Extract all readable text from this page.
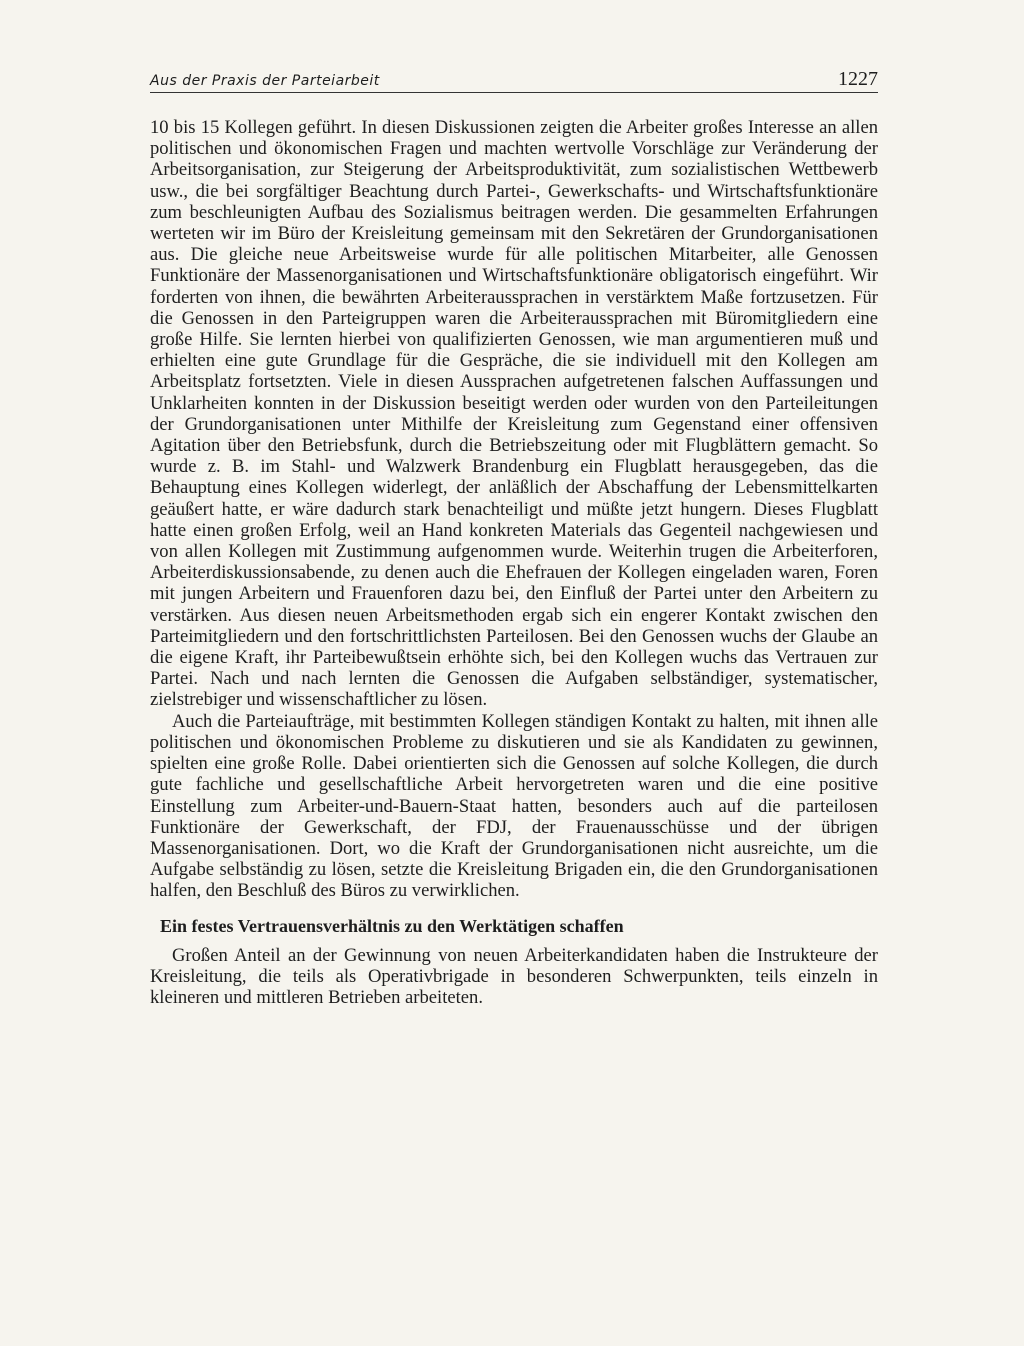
Aus der Praxis der Parteiarbeit	1227

10 bis 15 Kollegen geführt. In diesen Diskussionen zeigten die Arbeiter großes Interesse an allen politischen und ökonomischen Fragen und machten wertvolle Vorschläge zur Veränderung der Arbeitsorganisation, zur Steigerung der Arbeitsproduktivität, zum sozialistischen Wettbewerb usw., die bei sorgfältiger Beachtung durch Partei-, Gewerkschafts- und Wirtschaftsfunktionäre zum beschleunigten Aufbau des Sozialismus beitragen werden. Die gesammelten Erfahrungen werteten wir im Büro der Kreisleitung gemeinsam mit den Sekretären der Grundorganisationen aus. Die gleiche neue Arbeitsweise wurde für alle politischen Mitarbeiter, alle Genossen Funktionäre der Massenorganisationen und Wirtschaftsfunktionäre obligatorisch eingeführt. Wir forderten von ihnen, die bewährten Arbeiteraussprachen in verstärktem Maße fortzusetzen. Für die Genossen in den Parteigruppen waren die Arbeiteraussprachen mit Büromitgliedern eine große Hilfe. Sie lernten hierbei von qualifizierten Genossen, wie man argumentieren muß und erhielten eine gute Grundlage für die Gespräche, die sie individuell mit den Kollegen am Arbeitsplatz fortsetzten. Viele in diesen Aussprachen aufgetretenen falschen Auffassungen und Unklarheiten konnten in der Diskussion beseitigt werden oder wurden von den Parteileitungen der Grundorganisationen unter Mithilfe der Kreisleitung zum Gegenstand einer offensiven Agitation über den Betriebsfunk, durch die Betriebszeitung oder mit Flugblättern gemacht. So wurde z. B. im Stahl- und Walzwerk Brandenburg ein Flugblatt herausgegeben, das die Behauptung eines Kollegen widerlegt, der anläßlich der Abschaffung der Lebensmittelkarten geäußert hatte, er wäre dadurch stark benachteiligt und müßte jetzt hungern. Dieses Flugblatt hatte einen großen Erfolg, weil an Hand konkreten Materials das Gegenteil nachgewiesen und von allen Kollegen mit Zustimmung aufgenommen wurde. Weiterhin trugen die Arbeiterforen, Arbeiterdiskussionsabende, zu denen auch die Ehefrauen der Kollegen eingeladen waren, Foren mit jungen Arbeitern und Frauenforen dazu bei, den Einfluß der Partei unter den Arbeitern zu verstärken. Aus diesen neuen Arbeitsmethoden ergab sich ein engerer Kontakt zwischen den Parteimitgliedern und den fortschrittlichsten Parteilosen. Bei den Genossen wuchs der Glaube an die eigene Kraft, ihr Parteibewußtsein erhöhte sich, bei den Kollegen wuchs das Vertrauen zur Partei. Nach und nach lernten die Genossen die Aufgaben selbständiger, systematischer, zielstrebiger und wissenschaftlicher zu lösen.

Auch die Parteiaufträge, mit bestimmten Kollegen ständigen Kontakt zu halten, mit ihnen alle politischen und ökonomischen Probleme zu diskutieren und sie als Kandidaten zu gewinnen, spielten eine große Rolle. Dabei orientierten sich die Genossen auf solche Kollegen, die durch gute fachliche und gesellschaftliche Arbeit hervorgetreten waren und die eine positive Einstellung zum Arbeiter-und-Bauern-Staat hatten, besonders auch auf die parteilosen Funktionäre der Gewerkschaft, der FDJ, der Frauenausschüsse und der übrigen Massenorganisationen. Dort, wo die Kraft der Grundorganisationen nicht ausreichte, um die Aufgabe selbständig zu lösen, setzte die Kreisleitung Brigaden ein, die den Grundorganisationen halfen, den Beschluß des Büros zu verwirklichen.

Ein festes Vertrauensverhältnis zu den Werktätigen schaffen

Großen Anteil an der Gewinnung von neuen Arbeiterkandidaten haben die Instrukteure der Kreisleitung, die teils als Operativbrigade in besonderen Schwerpunkten, teils einzeln in kleineren und mittleren Betrieben arbeiteten.
